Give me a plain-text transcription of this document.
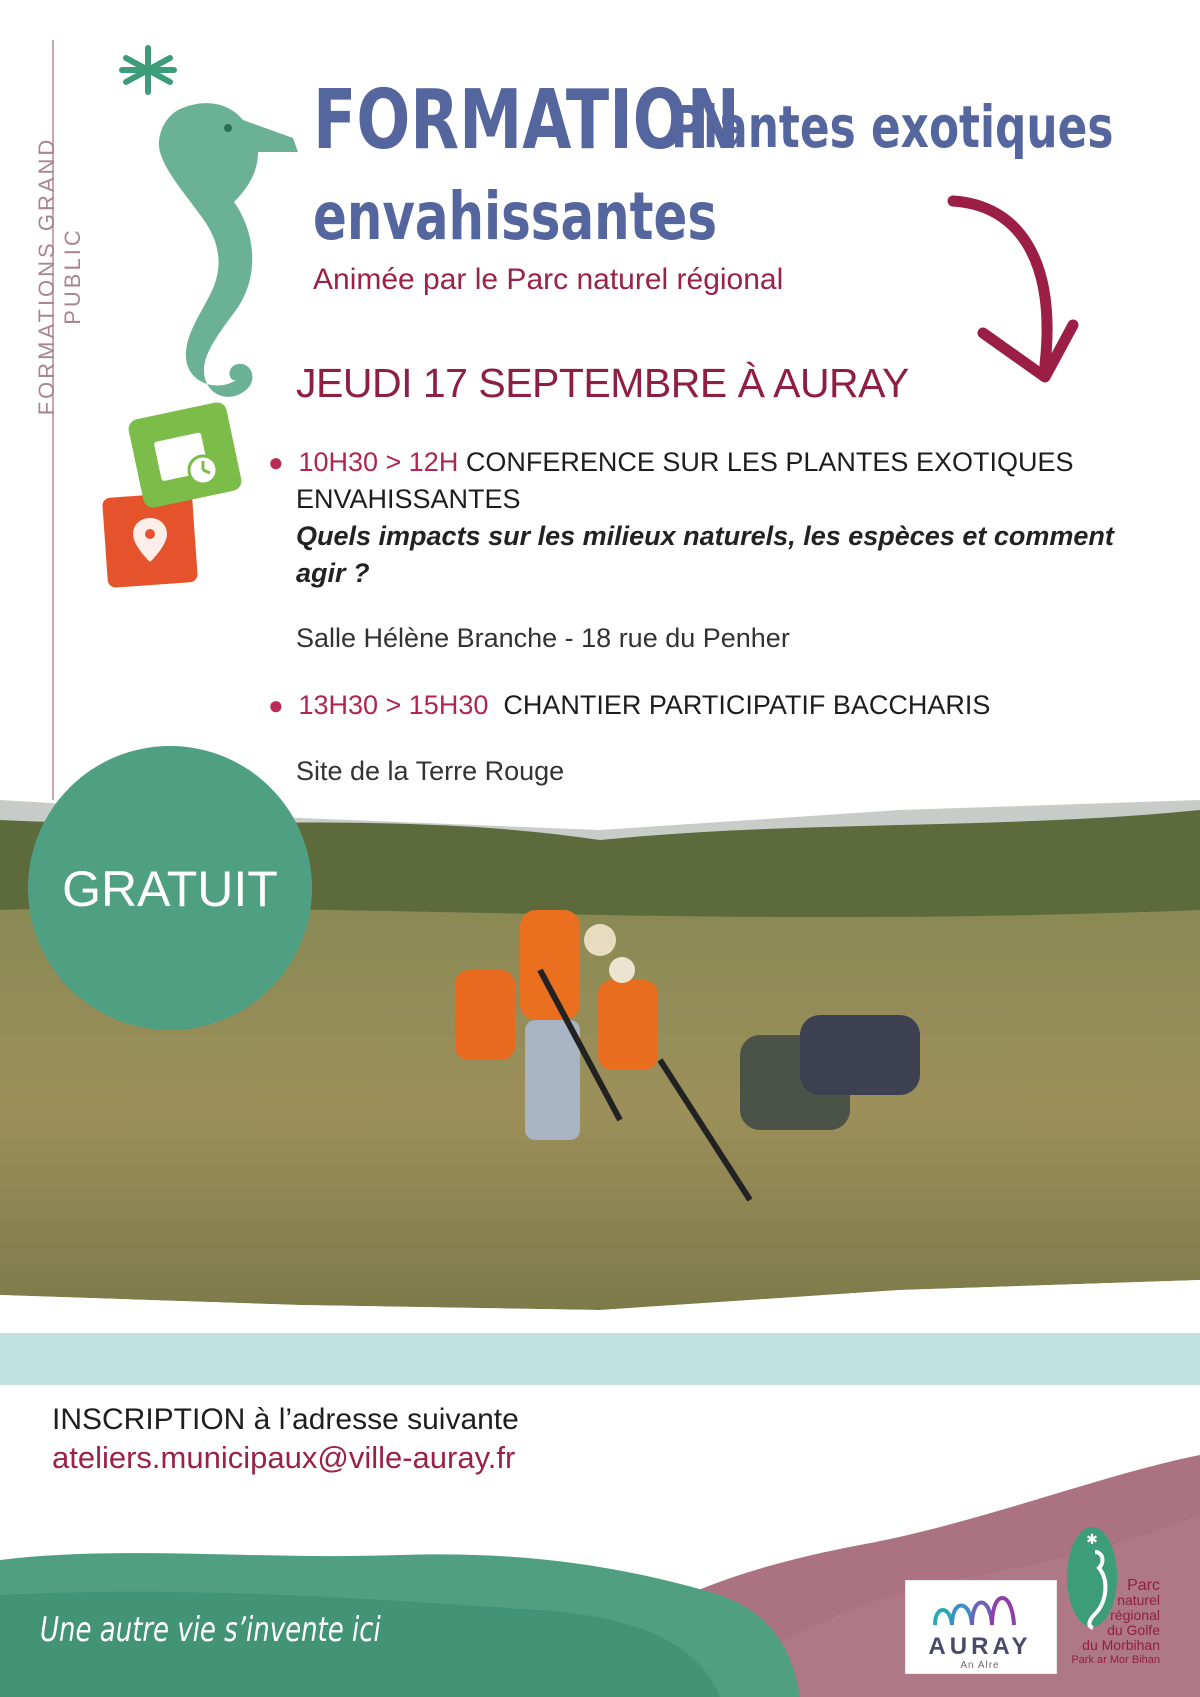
FORMATIONS GRAND PUBLIC
FORMATION
Plantes exotiques
envahissantes
Animée par le Parc naturel régional
JEUDI 17 SEPTEMBRE À AURAY
●  10H30 > 12H CONFERENCE SUR LES PLANTES EXOTIQUES
ENVAHISSANTES
Quels impacts sur les milieux naturels, les espèces et comment
agir ?
Salle Hélène Branche - 18 rue du Penher
●  13H30 > 15H30 CHANTIER PARTICIPATIF BACCHARIS
Site de la Terre Rouge
GRATUIT
INSCRIPTION à l’adresse suivante
ateliers.municipaux@ville-auray.fr
Une autre vie s’invente ici	AURAY
An Alre
✱
Parc
naturel
régional
du Golfe
du Morbihan
Park ar Mor Bihan
